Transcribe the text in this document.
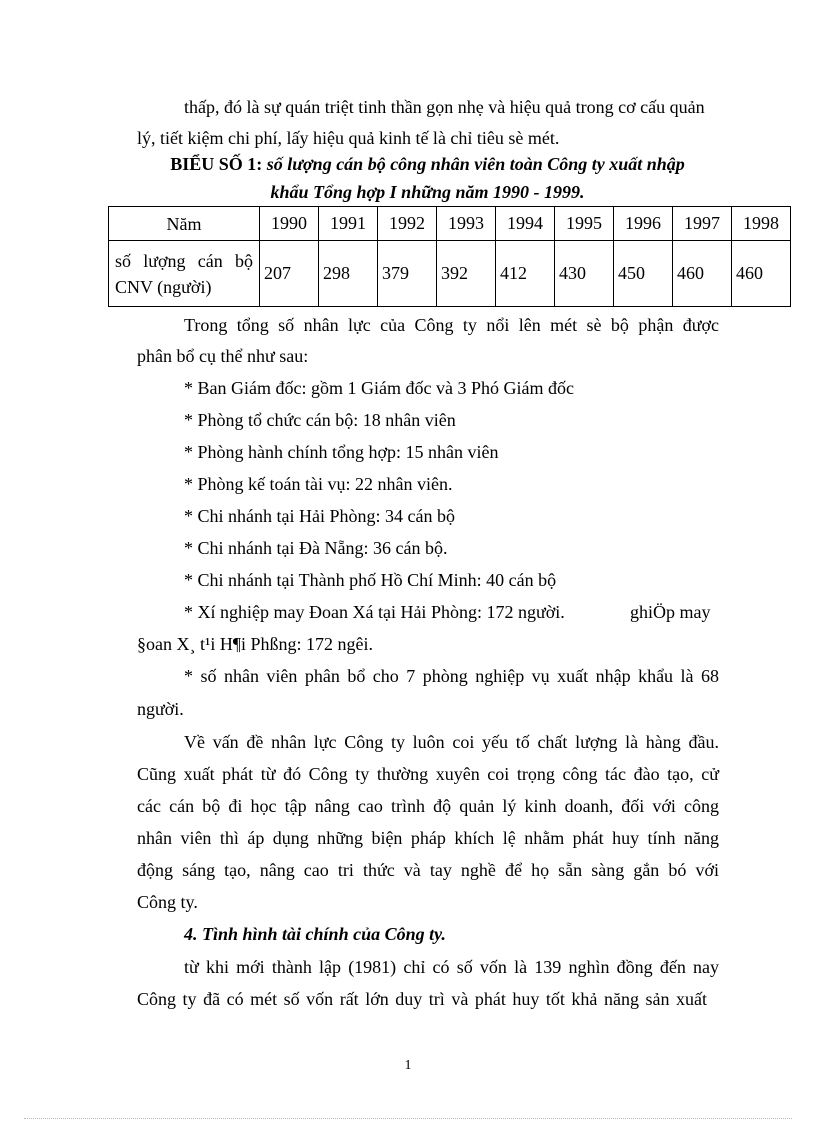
thấp, đó là sự quán triệt tinh thần gọn nhẹ và hiệu quả trong cơ cấu quản
lý, tiết kiệm chi phí, lấy hiệu quả kinh tế là chỉ tiêu sè mét.
BIỂU SỐ 1: số lượng cán bộ công nhân viên toàn Công ty xuất nhập
khẩu Tổng hợp I những năm 1990 - 1999.
Năm	1990	1991	1992	1993	1994	1995	1996	1997	1998

số lượng cán bộ
CNV (người)	207	298	379	392	412	430	450	460	460
Trong tổng số nhân lực của Công ty nổi lên mét sè bộ phận được
phân bổ cụ thể như sau:
* Ban Giám đốc: gồm 1 Giám đốc và 3 Phó Giám đốc
* Phòng tổ chức cán bộ: 18 nhân viên
* Phòng hành chính tổng hợp: 15 nhân viên
* Phòng kế toán tài vụ: 22 nhân viên.
* Chi nhánh tại Hải Phòng: 34 cán bộ
* Chi nhánh tại Đà Nẵng: 36 cán bộ.
* Chi nhánh tại Thành phố Hồ Chí Minh: 40 cán bộ
* Xí nghiệp may Đoan Xá tại Hải Phòng: 172 người.	ghiÖp may
§oan X¸ t¹i H¶i Phßng: 172 ngêi.
* số nhân viên phân bổ cho 7 phòng nghiệp vụ xuất nhập khẩu là 68
người.
Về vấn đề nhân lực Công ty luôn coi yếu tố chất lượng là hàng đầu.
Cũng xuất phát từ đó Công ty thường xuyên coi trọng công tác đào tạo, cử
các cán bộ đi học tập nâng cao trình độ quản lý kinh doanh, đối với công
nhân viên thì áp dụng những biện pháp khích lệ nhằm phát huy tính năng
động sáng tạo, nâng cao tri thức và tay nghề để họ sẵn sàng gắn bó với
Công ty.
4. Tình hình tài chính của Công ty.
từ khi mới thành lập (1981) chỉ có số vốn là 139 nghìn đồng đến nay
Công ty đã có mét số vốn rất lớn duy trì và phát huy tốt khả năng sản xuất
1
